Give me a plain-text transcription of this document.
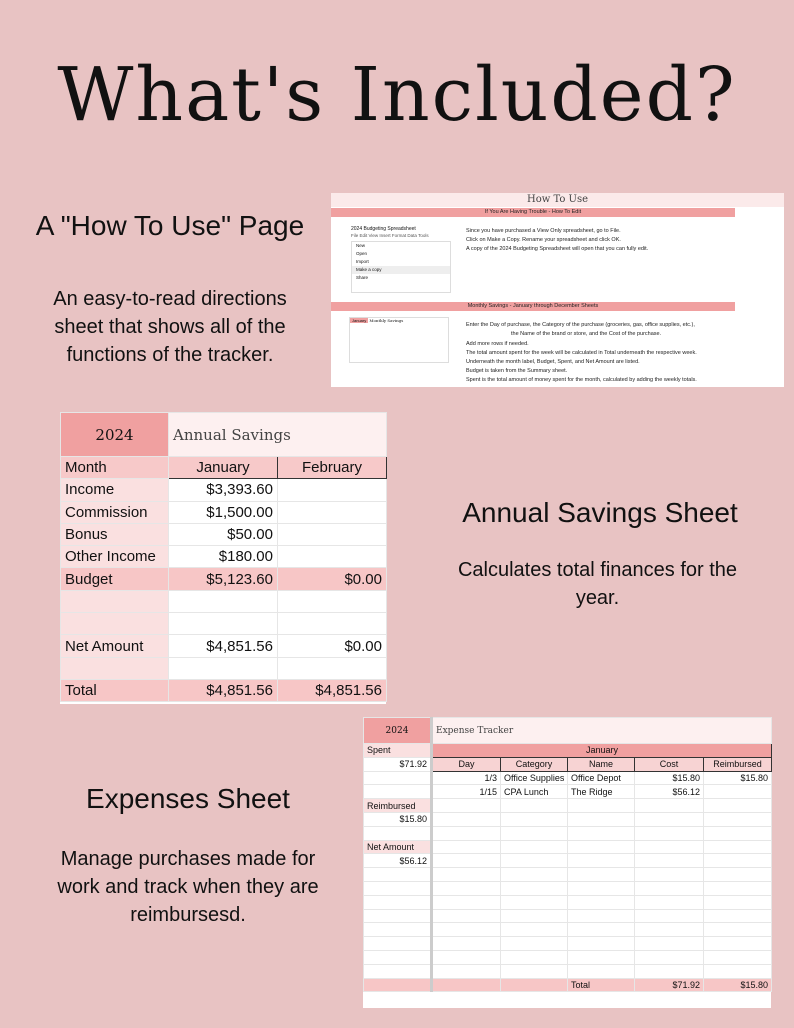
What's Included?
A "How To Use" Page
An easy-to-read directions sheet that shows all of the functions of the tracker.
How To Use
If You Are Having Trouble - How To Edit
Since you have purchased a View Only spreadsheet, go to File.
Click on Make a Copy. Rename your spreadsheet and click OK.
A copy of the 2024 Budgeting Spreadsheet will open that you can fully edit.
2024 Budgeting Spreadsheet
File Edit View Insert Format Data Tools
New
Open
Import
Make a copy
Share
Monthly Savings - January through December Sheets
January Monthly Savings
Enter the Day of purchase, the Category of the purchase (groceries, gas, office supplies, etc.),
the Name of the brand or store, and the Cost of the purchase.
Add more rows if needed.
The total amount spent for the week will be calculated in Total underneath the respective week.
Underneath the month label, Budget, Spent, and Net Amount are listed.
Budget is taken from the Summary sheet.
Spent is the total amount of money spent for the month, calculated by adding the weekly totals.
2024	Annual Savings	
Month	January	February
Income	$3,393.60	
Commission	$1,500.00	
Bonus	$50.00	
Other Income	$180.00	
Budget	$5,123.60	$0.00

Net Amount	$4,851.56	$0.00

Total	$4,851.56	$4,851.56
Annual Savings Sheet
Calculates total finances for the year.
Expenses Sheet
Manage purchases made for work and track when they are reimbursesd.
2024	Expense Tracker				
Spent	January				
$71.92	Day	Category	Name	Cost	Reimbursed
	1/3	Office Supplies	Office Depot	$15.80	$15.80
	1/15	CPA Lunch	The Ridge	$56.12	
Reimbursed					
$15.80					

Net Amount					
$56.12					

			Total	$71.92	$15.80
